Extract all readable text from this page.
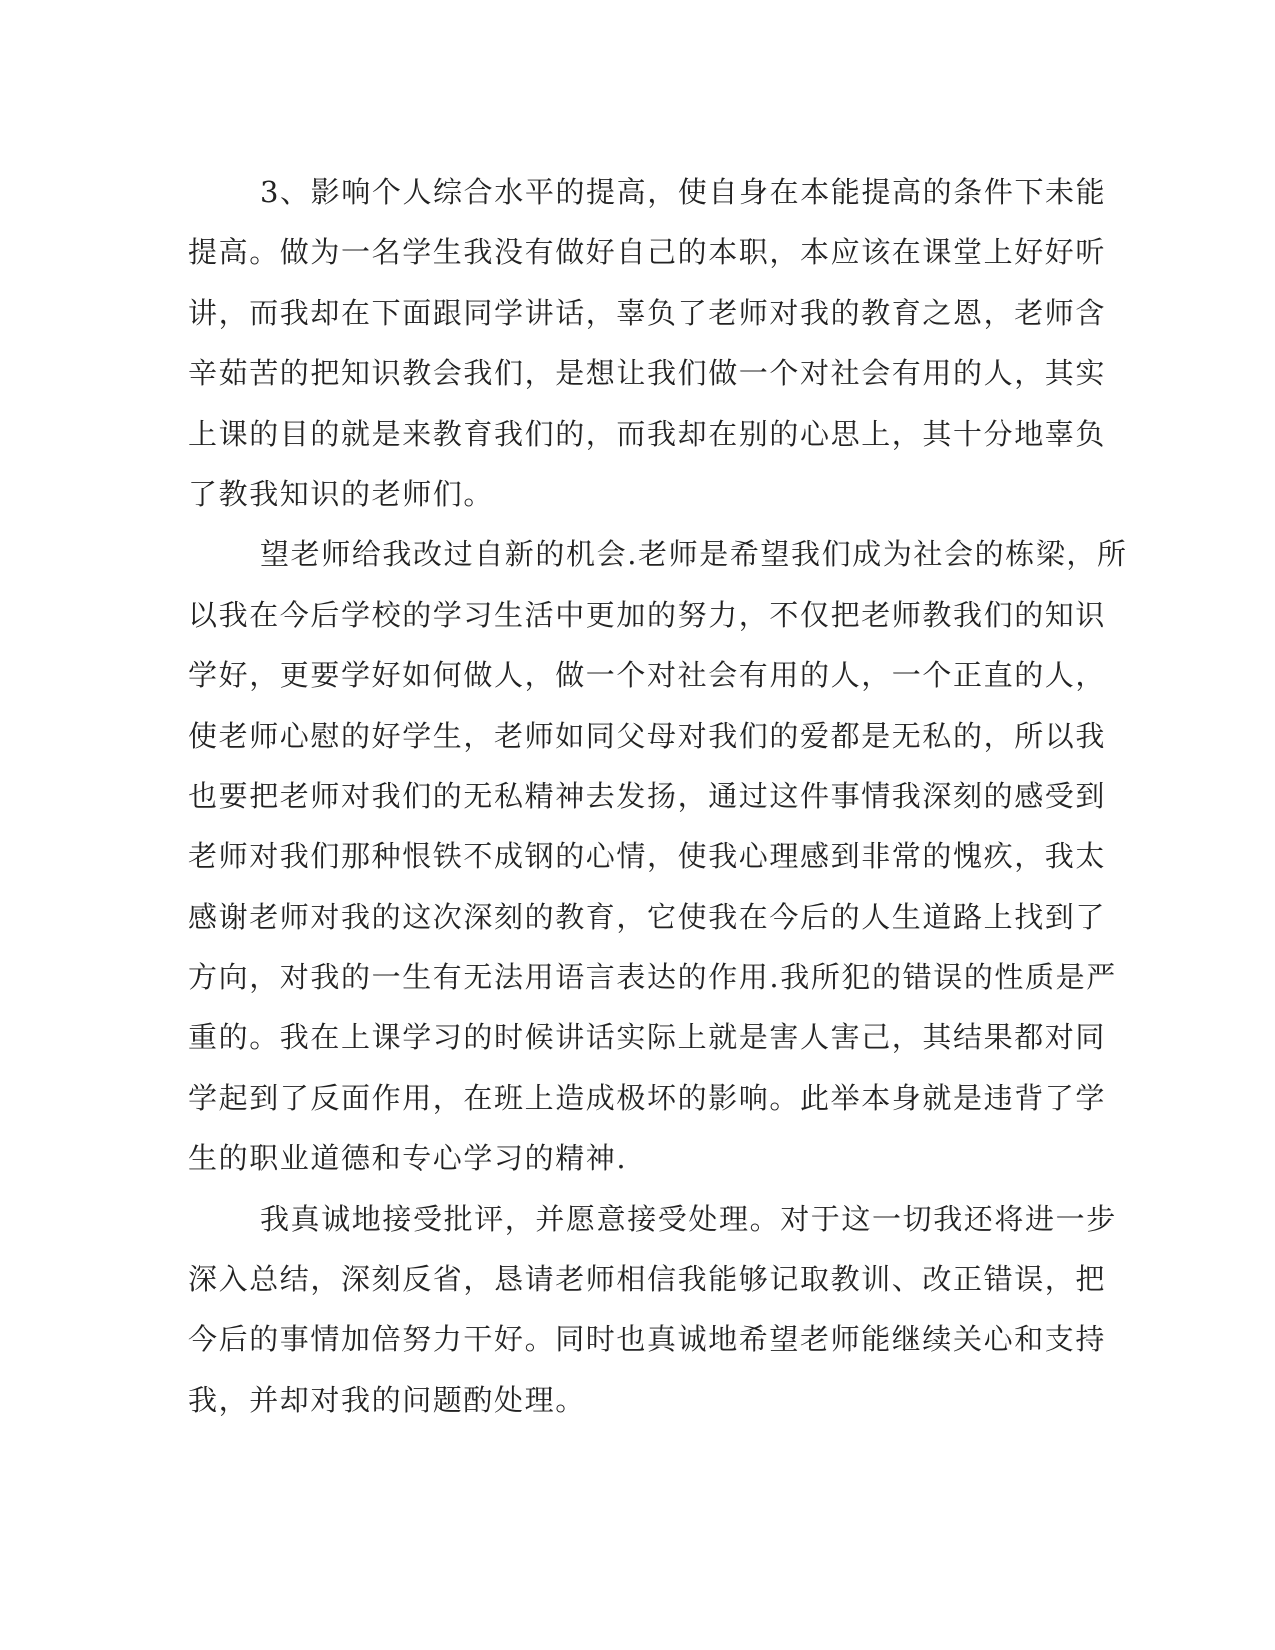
3、影响个人综合水平的提高，使自身在本能提高的条件下未能
提高。做为一名学生我没有做好自己的本职，本应该在课堂上好好听
讲，而我却在下面跟同学讲话，辜负了老师对我的教育之恩，老师含
辛茹苦的把知识教会我们，是想让我们做一个对社会有用的人，其实
上课的目的就是来教育我们的，而我却在别的心思上，其十分地辜负
了教我知识的老师们。
望老师给我改过自新的机会.老师是希望我们成为社会的栋梁，所
以我在今后学校的学习生活中更加的努力，不仅把老师教我们的知识
学好，更要学好如何做人，做一个对社会有用的人，一个正直的人，
使老师心慰的好学生，老师如同父母对我们的爱都是无私的，所以我
也要把老师对我们的无私精神去发扬，通过这件事情我深刻的感受到
老师对我们那种恨铁不成钢的心情，使我心理感到非常的愧疚，我太
感谢老师对我的这次深刻的教育，它使我在今后的人生道路上找到了
方向，对我的一生有无法用语言表达的作用.我所犯的错误的性质是严
重的。我在上课学习的时候讲话实际上就是害人害己，其结果都对同
学起到了反面作用，在班上造成极坏的影响。此举本身就是违背了学
生的职业道德和专心学习的精神.
我真诚地接受批评，并愿意接受处理。对于这一切我还将进一步
深入总结，深刻反省，恳请老师相信我能够记取教训、改正错误，把
今后的事情加倍努力干好。同时也真诚地希望老师能继续关心和支持
我，并却对我的问题酌处理。
